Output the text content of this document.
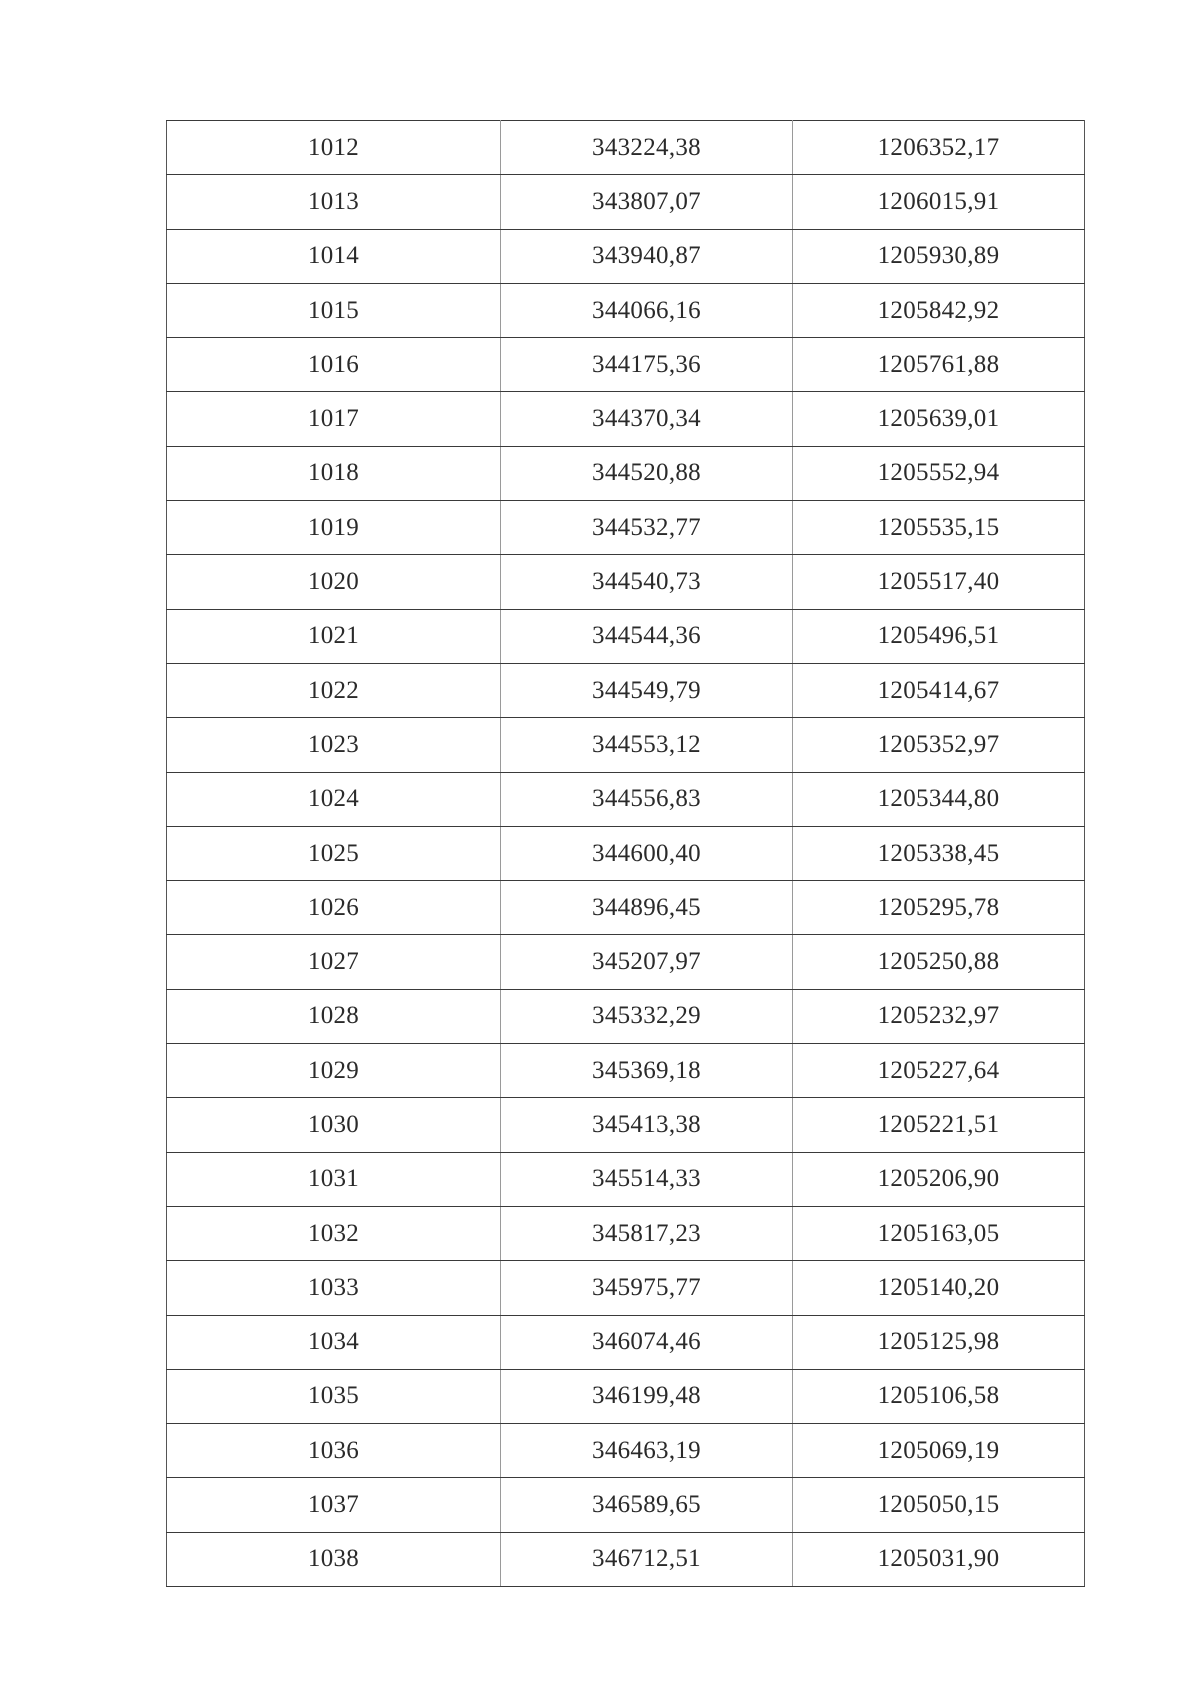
1012	343224,38	1206352,17
1013	343807,07	1206015,91
1014	343940,87	1205930,89
1015	344066,16	1205842,92
1016	344175,36	1205761,88
1017	344370,34	1205639,01
1018	344520,88	1205552,94
1019	344532,77	1205535,15
1020	344540,73	1205517,40
1021	344544,36	1205496,51
1022	344549,79	1205414,67
1023	344553,12	1205352,97
1024	344556,83	1205344,80
1025	344600,40	1205338,45
1026	344896,45	1205295,78
1027	345207,97	1205250,88
1028	345332,29	1205232,97
1029	345369,18	1205227,64
1030	345413,38	1205221,51
1031	345514,33	1205206,90
1032	345817,23	1205163,05
1033	345975,77	1205140,20
1034	346074,46	1205125,98
1035	346199,48	1205106,58
1036	346463,19	1205069,19
1037	346589,65	1205050,15
1038	346712,51	1205031,90
